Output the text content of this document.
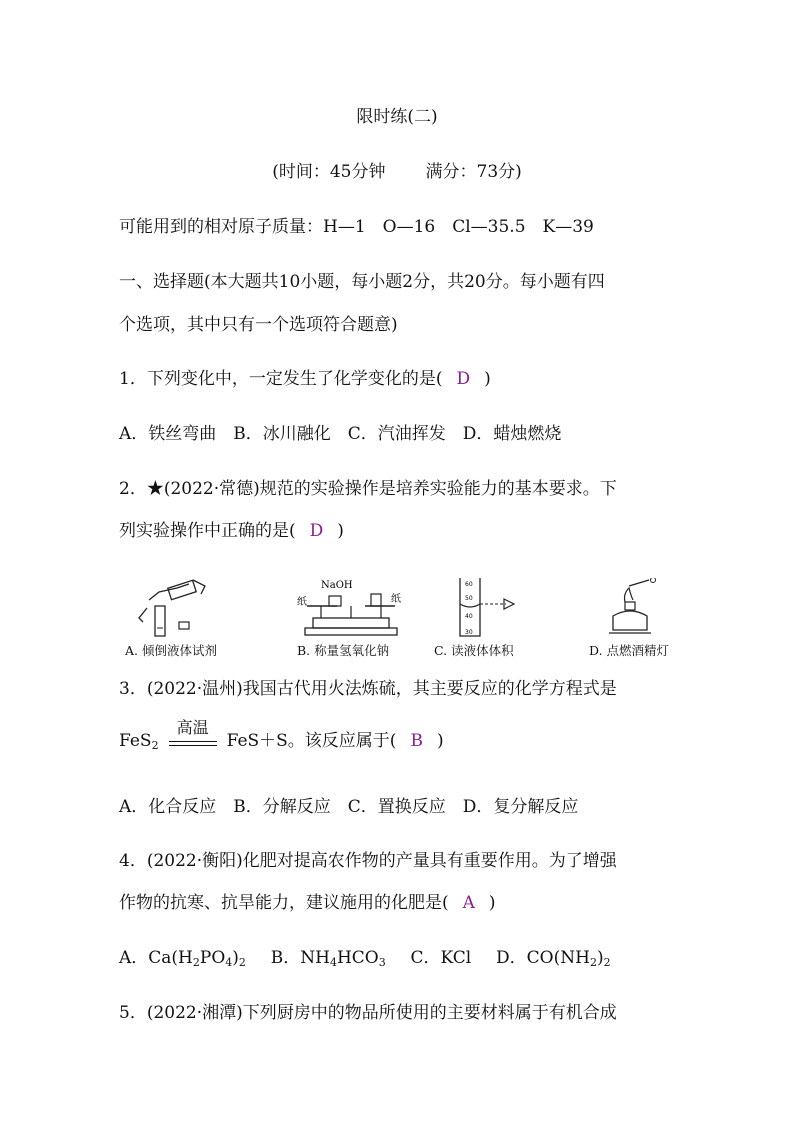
限时练(二)
(时间：45分钟 满分：73分)
可能用到的相对原子质量：H—1　O—16　Cl—35.5　K—39
一、选择题(本大题共10小题，每小题2分，共20分。每小题有四
个选项，其中只有一个选项符合题意)
1．下列变化中，一定发生了化学变化的是( D )
A．铁丝弯曲　B．冰川融化　C．汽油挥发　D．蜡烛燃烧
2．★(2022·常德)规范的实验操作是培养实验能力的基本要求。下
列实验操作中正确的是( D )
A. 倾倒液体试剂
NaOH
纸	纸
B. 称量氢氧化钠
60
50
40
30
C. 读液体体积	D. 点燃酒精灯
3．(2022·温州)我国古代用火法炼硫，其主要反应的化学方程式是
FeS$_2$
高温
FeS＋S。该反应属于( B )
A．化合反应　B．分解反应　C．置换反应　D．复分解反应
4．(2022·衡阳)化肥对提高农作物的产量具有重要作用。为了增强
作物的抗寒、抗旱能力，建议施用的化肥是( A )
A．$Ca(H_2PO_4)_2$ B．$NH_4HCO_3$ C．KCl D．$CO(NH_2)_2$
5．(2022·湘潭)下列厨房中的物品所使用的主要材料属于有机合成
